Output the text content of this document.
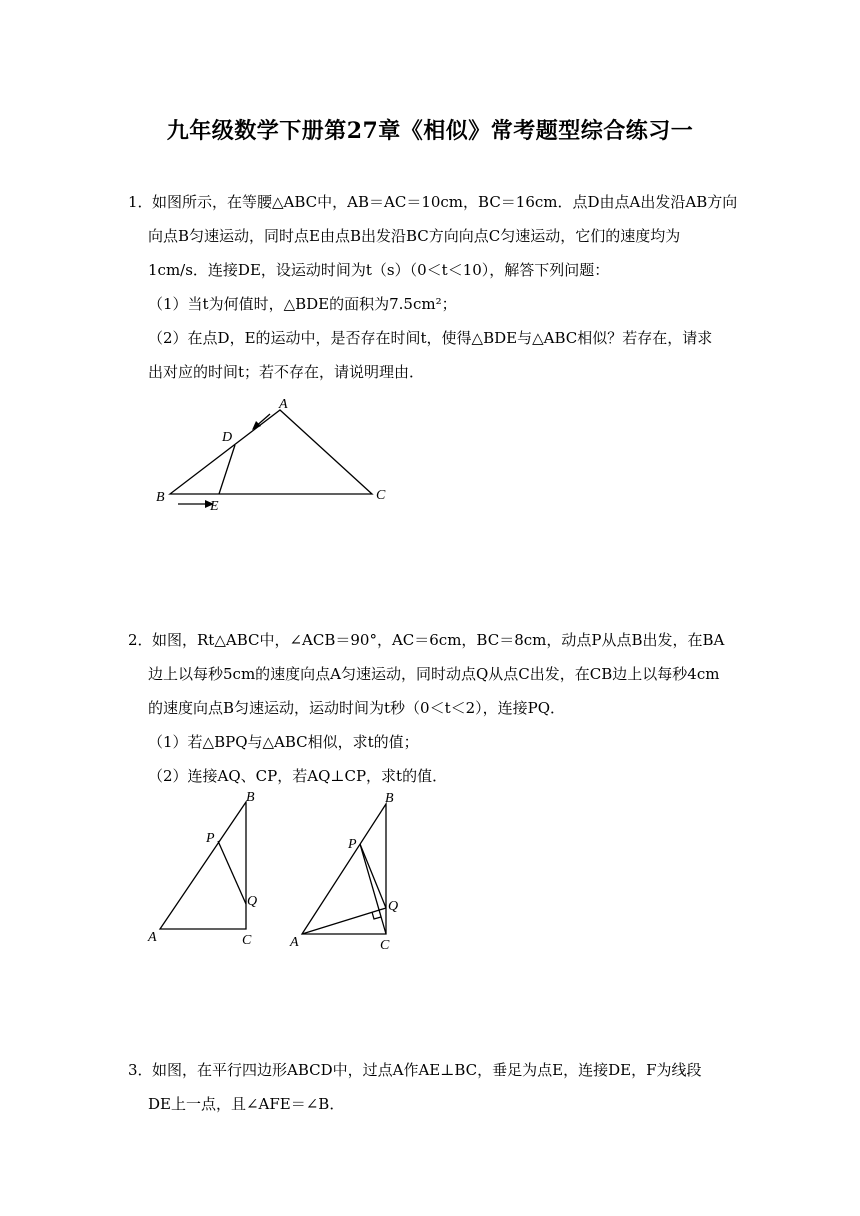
九年级数学下册第27章《相似》常考题型综合练习一
1． 如图所示，在等腰△ABC中，AB＝AC＝10cm，BC＝16cm．点D由点A出发沿AB方向
向点B匀速运动，同时点E由点B出发沿BC方向向点C匀速运动，它们的速度均为
1cm/s．连接DE，设运动时间为t（s）（0＜t＜10），解答下列问题：
（1）当t为何值时，△BDE的面积为7.5cm²；
（2）在点D，E的运动中，是否存在时间t，使得△BDE与△ABC相似？若存在，请求
出对应的时间t；若不存在，请说明理由．
A
D
B
E
C
2． 如图，Rt△ABC中，∠ACB＝90°，AC＝6cm，BC＝8cm，动点P从点B出发，在BA
边上以每秒5cm的速度向点A匀速运动，同时动点Q从点C出发，在CB边上以每秒4cm
的速度向点B匀速运动，运动时间为t秒（0＜t＜2），连接PQ．
（1）若△BPQ与△ABC相似，求t的值；
（2）连接AQ、CP，若AQ⊥CP，求t的值．
B
P
Q
A	C
B
P
Q
A	C
3． 如图，在平行四边形ABCD中，过点A作AE⊥BC，垂足为点E，连接DE，F为线段
DE上一点，且∠AFE＝∠B．
